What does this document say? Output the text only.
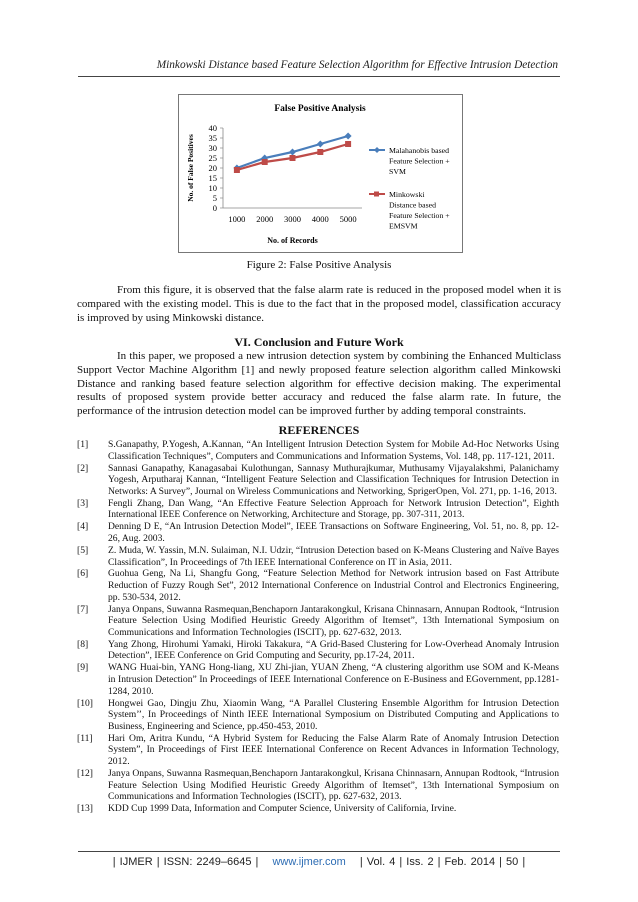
Minkowski Distance based Feature Selection Algorithm for Effective Intrusion Detection
False Positive Analysis
0
5
10
15
20
25
30
35
40
1000 2000 3000 4000 5000
No. of Records
No. of False Positives	Malahanobis based
Feature Selection +
SVM
Minkowski
Distance based
Feature Selection +
EMSVM
Figure 2: False Positive Analysis

From this figure, it is observed that the false alarm rate is reduced in the proposed model when it is compared with the existing model. This is due to the fact that in the proposed model, classification accuracy is improved by using Minkowski distance.

VI. Conclusion and Future Work

In this paper, we proposed a new intrusion detection system by combining the Enhanced Multiclass Support Vector Machine Algorithm [1] and newly proposed feature selection algorithm called Minkowski Distance and ranking based feature selection algorithm for effective decision making. The experimental results of proposed system provide better accuracy and reduced the false alarm rate. In future, the performance of the intrusion detection model can be improved further by adding temporal constraints.

REFERENCES
[1]	S.Ganapathy, P.Yogesh, A.Kannan, “An Intelligent Intrusion Detection System for Mobile Ad-Hoc Networks Using Classification Techniques”, Computers and Communications and Information Systems, Vol. 148, pp. 117-121, 2011.
[2]	Sannasi Ganapathy, Kanagasabai Kulothungan, Sannasy Muthurajkumar, Muthusamy Vijayalakshmi, Palanichamy Yogesh, Arputharaj Kannan, “Intelligent Feature Selection and Classification Techniques for Intrusion Detection in Networks: A Survey”, Journal on Wireless Communications and Networking, SprigerOpen, Vol. 271, pp. 1-16, 2013.
[3]	Fengli Zhang, Dan Wang, “An Effective Feature Selection Approach for Network Intrusion Detection”, Eighth International IEEE Conference on Networking, Architecture and Storage, pp. 307-311, 2013.
[4]	Denning D E, “An Intrusion Detection Model”, IEEE Transactions on Software Engineering, Vol. 51, no. 8, pp. 12-26, Aug. 2003.
[5]	Z. Muda, W. Yassin, M.N. Sulaiman, N.I. Udzir, “Intrusion Detection based on K-Means Clustering and Naïve Bayes Classification”, In Proceedings of 7th IEEE International Conference on IT in Asia, 2011.
[6]	Guohua Geng, Na Li, Shangfu Gong, “Feature Selection Method for Network intrusion based on Fast Attribute Reduction of Fuzzy Rough Set”, 2012 International Conference on Industrial Control and Electronics Engineering, pp. 530-534, 2012.
[7]	Janya Onpans, Suwanna Rasmequan,Benchaporn Jantarakongkul, Krisana Chinnasarn, Annupan Rodtook, “Intrusion Feature Selection Using Modified Heuristic Greedy Algorithm of Itemset”, 13th International Symposium on Communications and Information Technologies (ISCIT), pp. 627-632, 2013.
[8]	Yang Zhong, Hirohumi Yamaki, Hiroki Takakura, “A Grid-Based Clustering for Low-Overhead Anomaly Intrusion Detection”, IEEE Conference on Grid Computing and Security, pp.17-24, 2011.
[9]	WANG Huai-bin, YANG Hong-liang, XU Zhi-jian, YUAN Zheng, “A clustering algorithm use SOM and K-Means in Intrusion Detection” In Proceedings of IEEE International Conference on E-Business and EGovernment, pp.1281-1284, 2010.
[10]	Hongwei Gao, Dingju Zhu, Xiaomin Wang, “A Parallel Clustering Ensemble Algorithm for Intrusion Detection System’’, In Proceedings of Ninth IEEE International Symposium on Distributed Computing and Applications to Business, Engineering and Science, pp.450-453, 2010.
[11]	Hari Om, Aritra Kundu, “A Hybrid System for Reducing the False Alarm Rate of Anomaly Intrusion Detection System”, In Proceedings of First IEEE International Conference on Recent Advances in Information Technology, 2012.
[12]	Janya Onpans, Suwanna Rasmequan,Benchaporn Jantarakongkul, Krisana Chinnasarn, Annupan Rodtook, “Intrusion Feature Selection Using Modified Heuristic Greedy Algorithm of Itemset”, 13th International Symposium on Communications and Information Technologies (ISCIT), pp. 627-632, 2013.
[13]	KDD Cup 1999 Data, Information and Computer Science, University of California, Irvine.
| IJMER | ISSN: 2249–6645 | www.ijmer.com | Vol. 4 | Iss. 2 | Feb. 2014 | 50 |
